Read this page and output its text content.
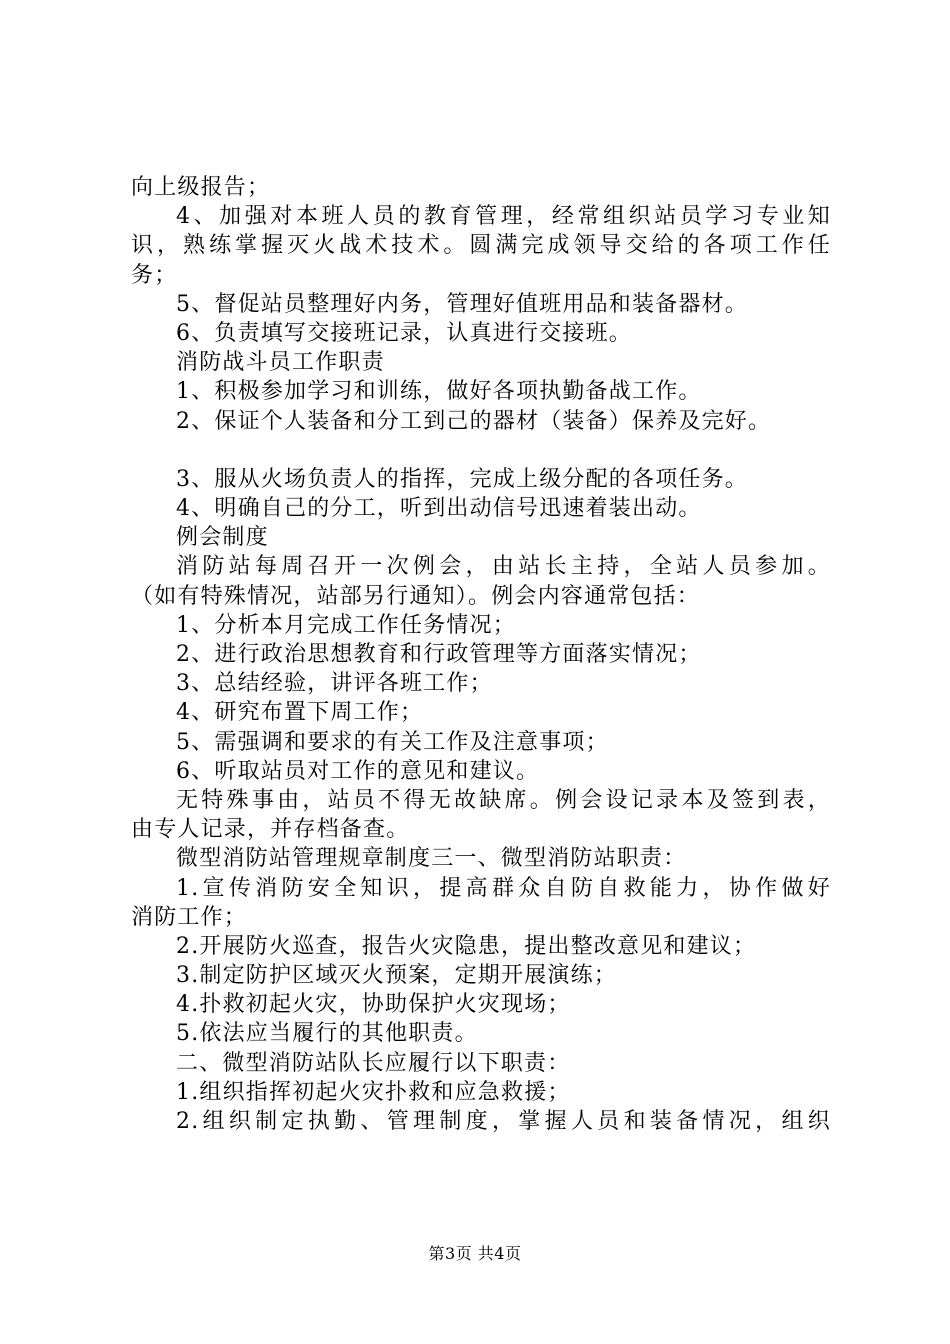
向上级报告；
4、加强对本班人员的教育管理，经常组织站员学习专业知
识，熟练掌握灭火战术技术。圆满完成领导交给的各项工作任
务；
5、督促站员整理好内务，管理好值班用品和装备器材。
6、负责填写交接班记录，认真进行交接班。
消防战斗员工作职责
1、积极参加学习和训练，做好各项执勤备战工作。
2、保证个人装备和分工到己的器材（装备）保养及完好。
3、服从火场负责人的指挥，完成上级分配的各项任务。
4、明确自己的分工，听到出动信号迅速着装出动。
例会制度
消防站每周召开一次例会，由站长主持，全站人员参加。
（如有特殊情况，站部另行通知）。例会内容通常包括：
1、分析本月完成工作任务情况；
2、进行政治思想教育和行政管理等方面落实情况；
3、总结经验，讲评各班工作；
4、研究布置下周工作；
5、需强调和要求的有关工作及注意事项；
6、听取站员对工作的意见和建议。
无特殊事由，站员不得无故缺席。例会设记录本及签到表，
由专人记录，并存档备查。
微型消防站管理规章制度三一、微型消防站职责：
1.宣传消防安全知识，提高群众自防自救能力，协作做好
消防工作；
2.开展防火巡查，报告火灾隐患，提出整改意见和建议；
3.制定防护区域灭火预案，定期开展演练；
4.扑救初起火灾，协助保护火灾现场；
5.依法应当履行的其他职责。
二、微型消防站队长应履行以下职责：
1.组织指挥初起火灾扑救和应急救援；
2.组织制定执勤、管理制度，掌握人员和装备情况，组织
第3页 共4页
